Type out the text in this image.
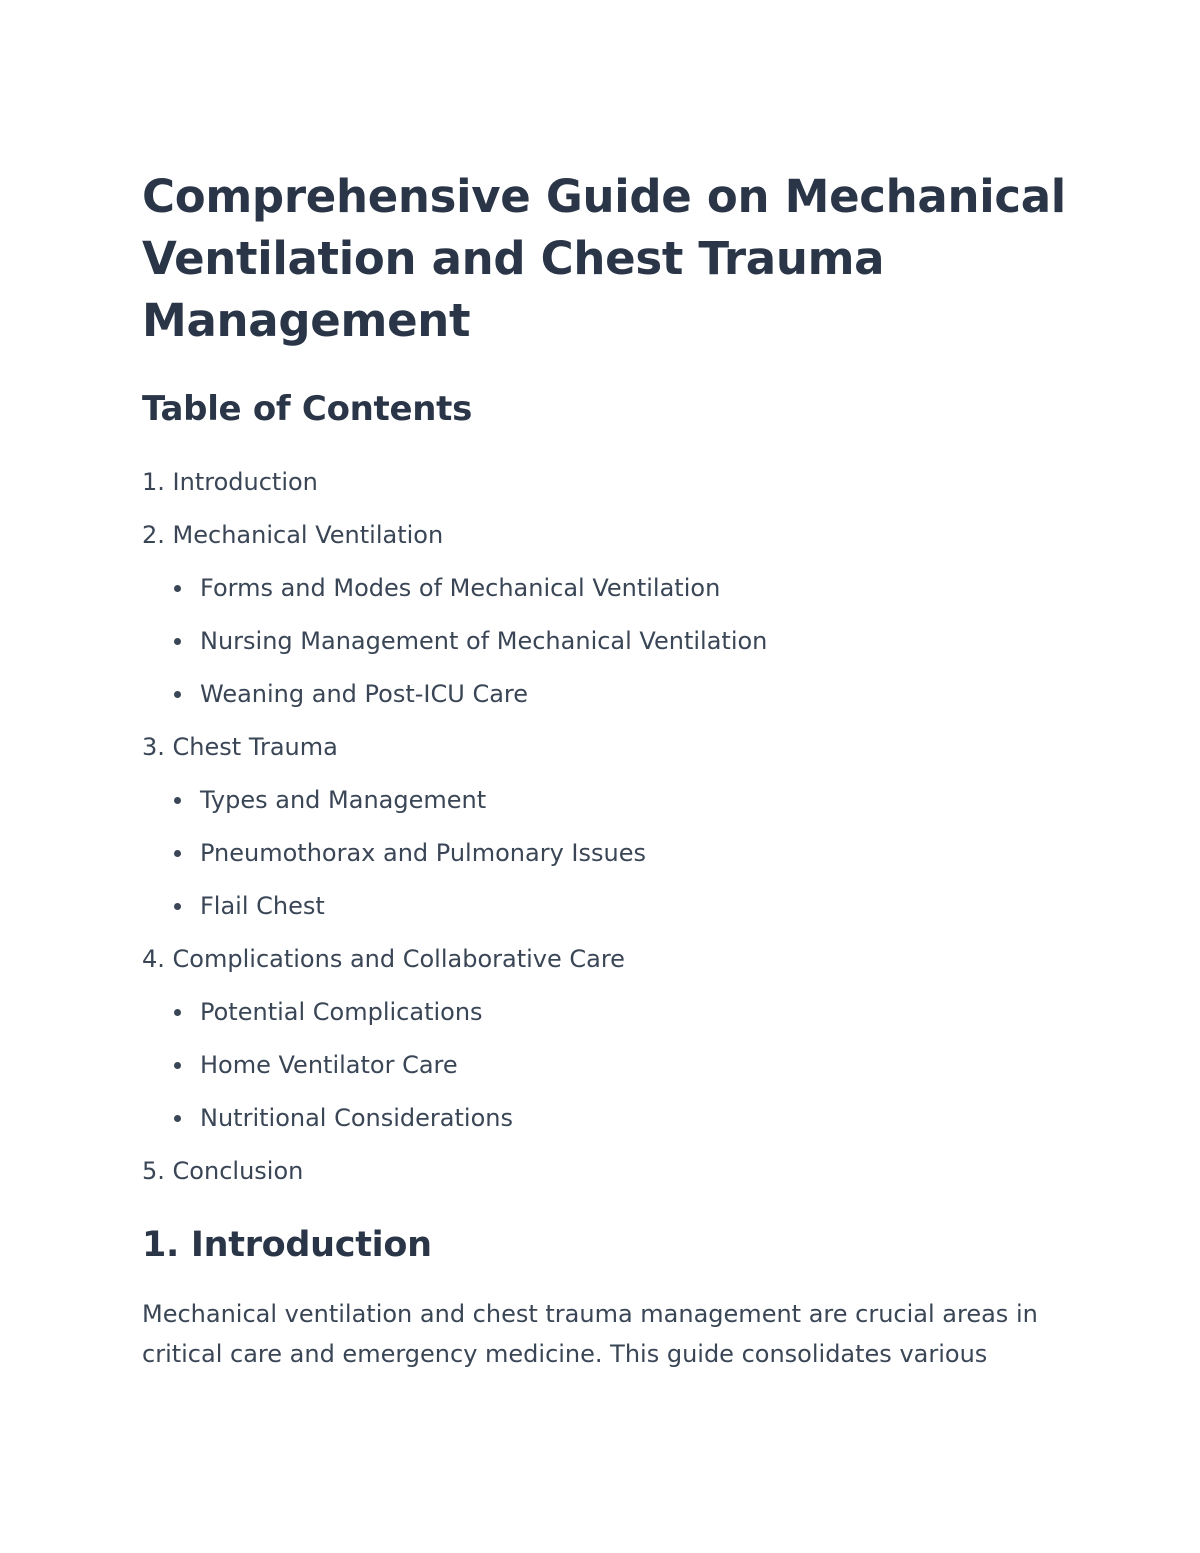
Comprehensive Guide on Mechanical Ventilation and Chest Trauma Management
Table of Contents
1. Introduction
2. Mechanical Ventilation
Forms and Modes of Mechanical Ventilation
Nursing Management of Mechanical Ventilation
Weaning and Post-ICU Care
3. Chest Trauma
Types and Management
Pneumothorax and Pulmonary Issues
Flail Chest
4. Complications and Collaborative Care
Potential Complications
Home Ventilator Care
Nutritional Considerations
5. Conclusion
1. Introduction

Mechanical ventilation and chest trauma management are crucial areas in critical care and emergency medicine. This guide consolidates various
